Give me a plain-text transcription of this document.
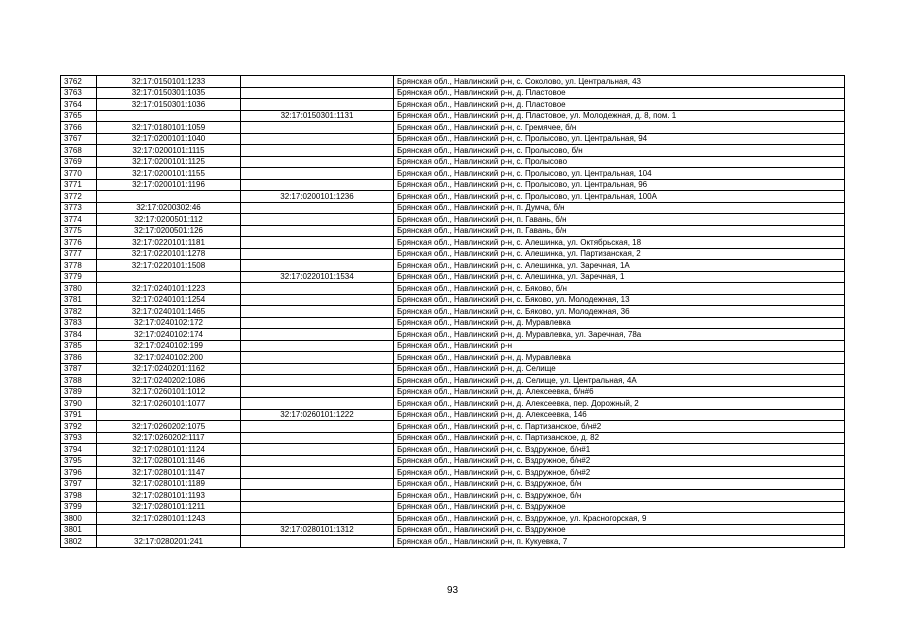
3762	32:17:0150101:1233		Брянская обл., Навлинский р-н, с. Соколово, ул. Центральная, 43
3763	32:17:0150301:1035		Брянская обл., Навлинский р-н, д. Пластовое
3764	32:17:0150301:1036		Брянская обл., Навлинский р-н, д. Пластовое
3765		32:17:0150301:1131	Брянская обл., Навлинский р-н, д. Пластовое, ул. Молодежная, д. 8, пом. 1
3766	32:17:0180101:1059		Брянская обл., Навлинский р-н, с. Гремячее, б/н
3767	32:17:0200101:1040		Брянская обл., Навлинский р-н, с. Пролысово, ул. Центральная, 94
3768	32:17:0200101:1115		Брянская обл., Навлинский р-н, с. Пролысово, б/н
3769	32:17:0200101:1125		Брянская обл., Навлинский р-н, с. Пролысово
3770	32:17:0200101:1155		Брянская обл., Навлинский р-н, с. Пролысово, ул. Центральная, 104
3771	32:17:0200101:1196		Брянская обл., Навлинский р-н, с. Пролысово, ул. Центральная, 96
3772		32:17:0200101:1236	Брянская обл., Навлинский р-н, с. Пролысово, ул. Центральная, 100А
3773	32:17:0200302:46		Брянская обл., Навлинский р-н, п. Думча, б/н
3774	32:17:0200501:112		Брянская обл., Навлинский р-н, п. Гавань, б/н
3775	32:17:0200501:126		Брянская обл., Навлинский р-н, п. Гавань, б/н
3776	32:17:0220101:1181		Брянская обл., Навлинский р-н, с. Алешинка, ул. Октябрьская, 18
3777	32:17:0220101:1278		Брянская обл., Навлинский р-н, с. Алешинка, ул. Партизанская, 2
3778	32:17:0220101:1508		Брянская обл., Навлинский р-н, с. Алешинка, ул. Заречная, 1А
3779		32:17:0220101:1534	Брянская обл., Навлинский р-н, с. Алешинка, ул. Заречная, 1
3780	32:17:0240101:1223		Брянская обл., Навлинский р-н, с. Бяково, б/н
3781	32:17:0240101:1254		Брянская обл., Навлинский р-н, с. Бяково, ул. Молодежная, 13
3782	32:17:0240101:1465		Брянская обл., Навлинский р-н, с. Бяково, ул. Молодежная, 36
3783	32:17:0240102:172		Брянская обл., Навлинский р-н, д. Муравлевка
3784	32:17:0240102:174		Брянская обл., Навлинский р-н, д. Муравлевка, ул. Заречная, 78а
3785	32:17:0240102:199		Брянская обл., Навлинский р-н
3786	32:17:0240102:200		Брянская обл., Навлинский р-н, д. Муравлевка
3787	32:17:0240201:1162		Брянская обл., Навлинский р-н, д. Селище
3788	32:17:0240202:1086		Брянская обл., Навлинский р-н, д. Селище, ул. Центральная, 4А
3789	32:17:0260101:1012		Брянская обл., Навлинский р-н, д. Алексеевка, б/н#6
3790	32:17:0260101:1077		Брянская обл., Навлинский р-н, д. Алексеевка, пер. Дорожный, 2
3791		32:17:0260101:1222	Брянская обл., Навлинский р-н, д. Алексеевка, 146
3792	32:17:0260202:1075		Брянская обл., Навлинский р-н, с. Партизанское, б/н#2
3793	32:17:0260202:1117		Брянская обл., Навлинский р-н, с. Партизанское, д. 82
3794	32:17:0280101:1124		Брянская обл., Навлинский р-н, с. Вздружное, б/н#1
3795	32:17:0280101:1146		Брянская обл., Навлинский р-н, с. Вздружное, б/н#2
3796	32:17:0280101:1147		Брянская обл., Навлинский р-н, с. Вздружное, б/н#2
3797	32:17:0280101:1189		Брянская обл., Навлинский р-н, с. Вздружное, б/н
3798	32:17:0280101:1193		Брянская обл., Навлинский р-н, с. Вздружное, б/н
3799	32:17:0280101:1211		Брянская обл., Навлинский р-н, с. Вздружное
3800	32:17:0280101:1243		Брянская обл., Навлинский р-н, с. Вздружное, ул. Красногорская, 9
3801		32:17:0280101:1312	Брянская обл., Навлинский р-н, с. Вздружное
3802	32:17:0280201:241		Брянская обл., Навлинский р-н, п. Кукуевка, 7
93
